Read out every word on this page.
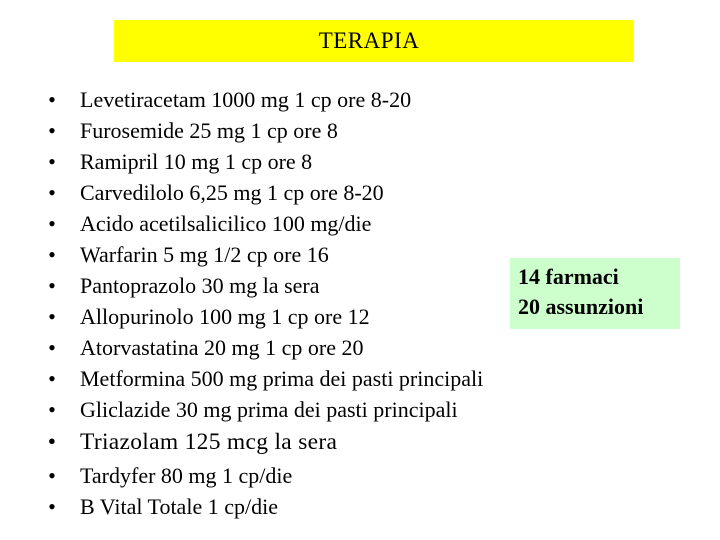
TERAPIA
• Levetiracetam 1000 mg 1 cp ore 8-20
• Furosemide 25 mg 1 cp ore 8
• Ramipril 10 mg 1 cp ore 8
• Carvedilolo 6,25 mg 1 cp ore 8-20
• Acido acetilsalicilico 100 mg/die
• Warfarin 5 mg 1/2 cp ore 16
• Pantoprazolo 30 mg la sera
• Allopurinolo 100 mg 1 cp ore 12
• Atorvastatina 20 mg 1 cp ore 20
• Metformina 500 mg prima dei pasti principali
• Gliclazide 30 mg prima dei pasti principali
• Triazolam 125 mcg la sera
• Tardyfer 80 mg 1 cp/die
• B Vital Totale 1 cp/die
14 farmaci
20 assunzioni
